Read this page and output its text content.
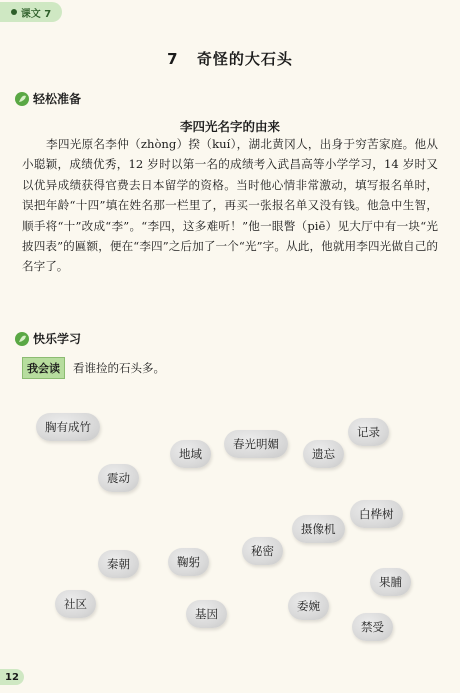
课文 7
7 奇怪的大石头
轻松准备
李四光名字的由来

李四光原名李仲（zhòng）揆（kuí），湖北黄冈人，出身于穷苦家庭。他从小聪颖，成绩优秀，12 岁时以第一名的成绩考入武昌高等小学学习，14 岁时又以优异成绩获得官费去日本留学的资格。当时他心情非常激动，填写报名单时，误把年龄“十四”填在姓名那一栏里了，再买一张报名单又没有钱。他急中生智，顺手将“十”改成“李”。“李四，这多难听！”他一眼瞥（piē）见大厅中有一块“光披四表”的匾额，便在“李四”之后加了一个“光”字。从此，他就用李四光做自己的名字了。

快乐学习
我会读	看谁捡的石头多。
胸有成竹
地域
春光明媚
遗忘
记录
震动
白桦树
摄像机
秘密
鞠躬
秦朝
果脯
社区
基因
委婉
禁受
12
